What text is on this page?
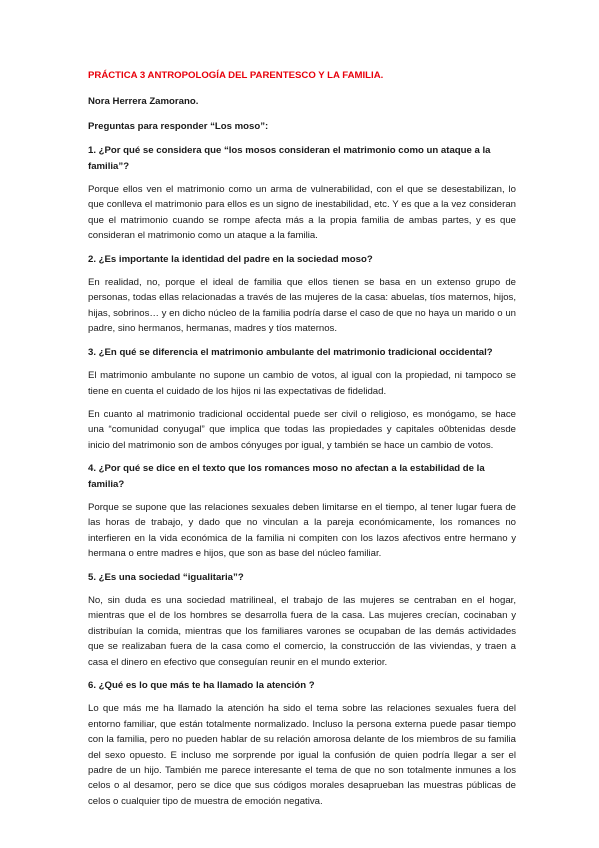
PRÁCTICA 3 ANTROPOLOGÍA DEL PARENTESCO Y LA FAMILIA.

Nora Herrera Zamorano.

Preguntas para responder “Los moso”:

1. ¿Por qué se considera que “los mosos consideran el matrimonio como un ataque a la familia”?

Porque ellos ven el matrimonio como un arma de vulnerabilidad, con el que se desestabilizan, lo que conlleva el matrimonio para ellos es un signo de inestabilidad, etc. Y es que a la vez consideran que el matrimonio cuando se rompe afecta más a la propia familia de ambas partes, y es que consideran el matrimonio como un ataque a la familia.

2. ¿Es importante la identidad del padre en la sociedad moso?

En realidad, no, porque el ideal de familia que ellos tienen se basa en un extenso grupo de personas, todas ellas relacionadas a través de las mujeres de la casa: abuelas, tíos maternos, hijos, hijas, sobrinos… y en dicho núcleo de la familia podría darse el caso de que no haya un marido o un padre, sino hermanos, hermanas, madres y tíos maternos.

3. ¿En qué se diferencia el matrimonio ambulante del matrimonio tradicional occidental?

El matrimonio ambulante no supone un cambio de votos, al igual con la propiedad, ni tampoco se tiene en cuenta el cuidado de los hijos ni las expectativas de fidelidad.

En cuanto al matrimonio tradicional occidental puede ser civil o religioso, es monógamo, se hace una “comunidad conyugal” que implica que todas las propiedades y capitales o0btenidas desde inicio del matrimonio son de ambos cónyuges por igual, y también se hace un cambio de votos.

4. ¿Por qué se dice en el texto que los romances moso no afectan a la estabilidad de la familia?

Porque se supone que las relaciones sexuales deben limitarse en el tiempo, al tener lugar fuera de las horas de trabajo, y dado que no vinculan a la pareja económicamente, los romances no interfieren en la vida económica de la familia ni compiten con los lazos afectivos entre hermano y hermana o entre madres e hijos, que son as base del núcleo familiar.

5. ¿Es una sociedad “igualitaria”?

No, sin duda es una sociedad matrilineal, el trabajo de las mujeres se centraban en el hogar, mientras que el de los hombres se desarrolla fuera de la casa. Las mujeres crecían, cocinaban y distribuían la comida, mientras que los familiares varones se ocupaban de las demás actividades que se realizaban fuera de la casa como el comercio, la construcción de las viviendas, y traen a casa el dinero en efectivo que conseguían reunir en el mundo exterior.

6. ¿Qué es lo que más te ha llamado la atención ?

Lo que más me ha llamado la atención ha sido el tema sobre las relaciones sexuales fuera del entorno familiar, que están totalmente normalizado. Incluso la persona externa puede pasar tiempo con la familia, pero no pueden hablar de su relación amorosa delante de los miembros de su familia del sexo opuesto. E incluso me sorprende por igual la confusión de quien podría llegar a ser el padre de un hijo. También me parece interesante el tema de que no son totalmente inmunes a los celos o al desamor, pero se dice que sus códigos morales desaprueban las muestras públicas de celos o cualquier tipo de muestra de emoción negativa.
